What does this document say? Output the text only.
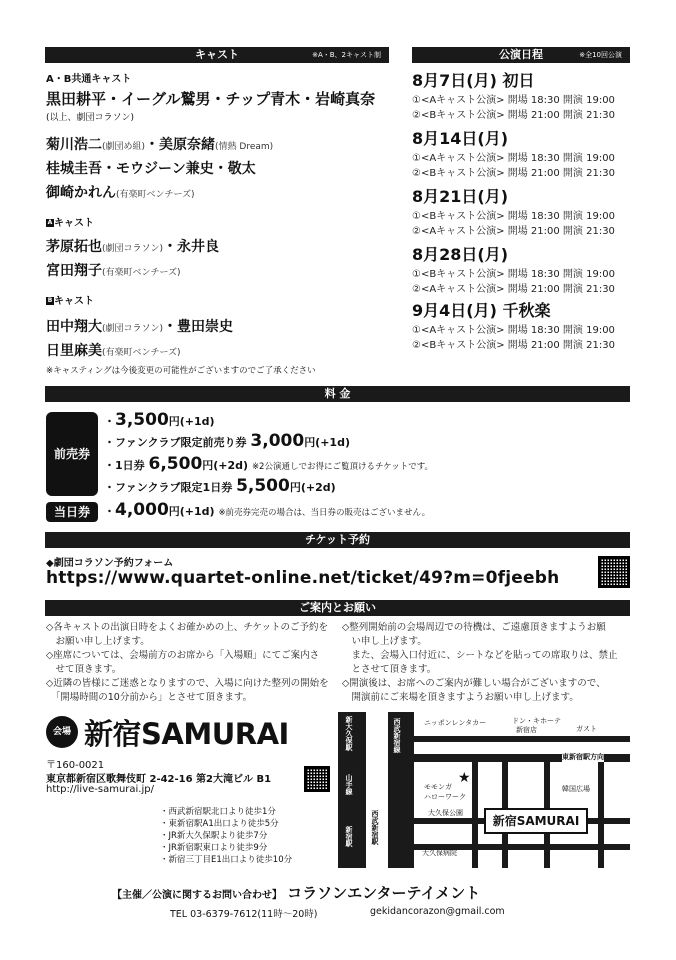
キャスト	※A・B、2キャスト制
A・B共通キャスト
黒田耕平・イーグル鷲男・チップ青木・岩崎真奈
(以上、劇団コラソン)
菊川浩二(劇団め組)・美原奈緒(情熱 Dream)
桂城圭吾・モウジーン兼史・敬太
御崎かれん(有楽町ベンチーズ)
A キャスト
茅原拓也(劇団コラソン)・永井良
宮田翔子(有楽町ベンチーズ)
B キャスト
田中翔大(劇団コラソン)・豊田崇史
日里麻美(有楽町ベンチーズ)
※キャスティングは今後変更の可能性がございますのでご了承ください
公演日程	※全10回公演
8月7日(月) 初日
①<Aキャスト公演> 開場 18:30 開演 19:00
②<Bキャスト公演> 開場 21:00 開演 21:30
8月14日(月)
①<Aキャスト公演> 開場 18:30 開演 19:00
②<Bキャスト公演> 開場 21:00 開演 21:30
8月21日(月)
①<Bキャスト公演> 開場 18:30 開演 19:00
②<Aキャスト公演> 開場 21:00 開演 21:30
8月28日(月)
①<Bキャスト公演> 開場 18:30 開演 19:00
②<Aキャスト公演> 開場 21:00 開演 21:30
9月4日(月) 千秋楽
①<Aキャスト公演> 開場 18:30 開演 19:00
②<Bキャスト公演> 開場 21:00 開演 21:30
料 金
前売券
当日券
・3,500円(+1d)
・ファンクラブ限定前売り券 3,000円(+1d)
・1日券 6,500円(+2d) ※2公演通しでお得にご覧頂けるチケットです。
・ファンクラブ限定1日券 5,500円(+2d)
・4,000円(+1d) ※前売券完売の場合は、当日券の販売はございません。
チケット予約
◆劇団コラソン予約フォーム
https://www.quartet-online.net/ticket/49?m=0fjeebh
ご案内とお願い
◇各キャストの出演日時をよくお確かめの上、チケットのご予約を
　お願い申し上げます。
◇座席については、会場前方のお席から「入場順」にてご案内さ
　せて頂きます。
◇近隣の皆様にご迷惑となりますので、入場に向けた整列の開始を
　「開場時間の10分前から」とさせて頂きます。
◇整列開始前の会場周辺での待機は、ご遠慮頂きますようお願
　い申し上げます。
　また、会場入口付近に、シートなどを貼っての席取りは、禁止
　とさせて頂きます。
◇開演後は、お席へのご案内が難しい場合がございますので、
　開演前にご来場を頂きますようお願い申し上げます。
会場 新宿SAMURAI
〒160-0021
東京都新宿区歌舞伎町 2-42-16 第2大滝ビル B1
http://live-samurai.jp/
・西武新宿駅北口より徒歩1分
・東新宿駅A1出口より徒歩5分
・JR新大久保駅より徒歩7分
・JR新宿駅東口より徒歩9分
・新宿三丁目E1出口より徒歩10分
ニッポンレンタカー	ドン・キホーテ
新宿店	ガスト
東新宿駅方向
韓国広場
モモンガ
ハローワーク
大久保公園
大久保病院
西武新宿線
西武新宿駅
新大久保駅
山手線
新宿駅
★
新宿SAMURAI
【主催／公演に関するお問い合わせ】 コラソンエンターテイメント
TEL 03-6379-7612(11時～20時)	gekidancorazon@gmail.com
